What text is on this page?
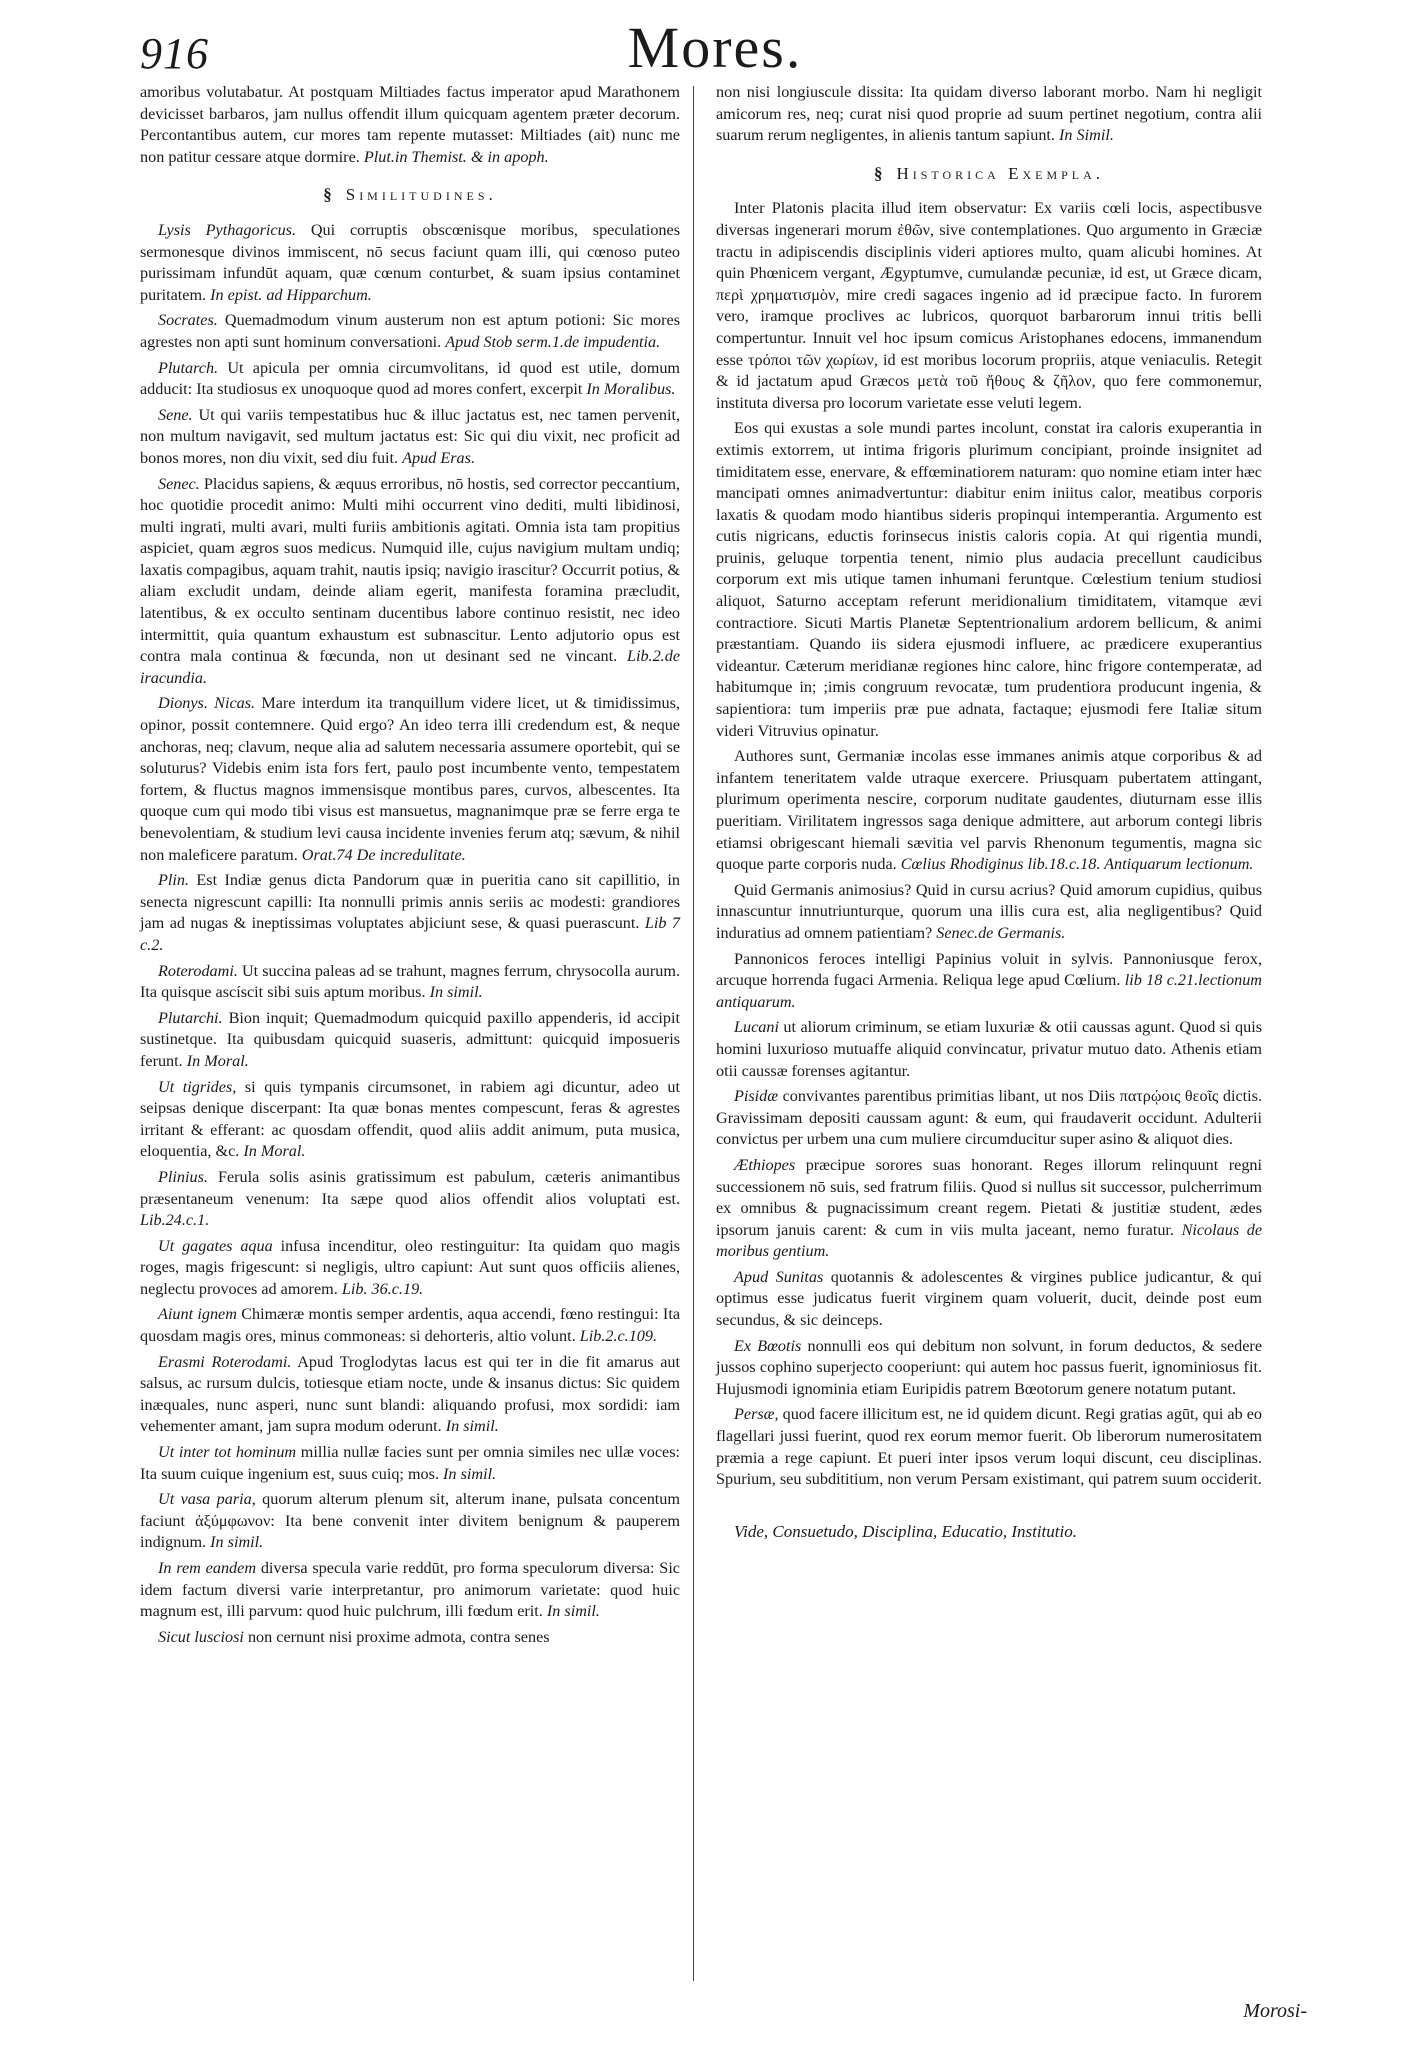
916	Mores.

amoribus volutabatur. At postquam Miltiades factus imperator apud Marathonem devicisset barbaros, jam nullus offendit illum quicquam agentem præter decorum. Percontantibus autem, cur mores tam repente mutasset: Miltiades (ait) nunc me non patitur cessare atque dormire. Plut.in Themist. & in apoph.

§ Similitudines.

Lysis Pythagoricus. Qui corruptis obscœnisque moribus, speculationes sermonesque divinos immiscent, nō secus faciunt quam illi, qui cœnoso puteo purissimam infundūt aquam, quæ cœnum conturbet, & suam ipsius contaminet puritatem. In epist. ad Hipparchum.

Socrates. Quemadmodum vinum austerum non est aptum potioni: Sic mores agrestes non apti sunt hominum conversationi. Apud Stob serm.1.de impudentia.

Plutarch. Ut apicula per omnia circumvolitans, id quod est utile, domum adducit: Ita studiosus ex unoquoque quod ad mores confert, excerpit In Moralibus.

Sene. Ut qui variis tempestatibus huc & illuc jactatus est, nec tamen pervenit, non multum navigavit, sed multum jactatus est: Sic qui diu vixit, nec proficit ad bonos mores, non diu vixit, sed diu fuit. Apud Eras.

Senec. Placidus sapiens, & æquus erroribus, nō hostis, sed corrector peccantium, hoc quotidie procedit animo: Multi mihi occurrent vino dediti, multi libidinosi, multi ingrati, multi avari, multi furiis ambitionis agitati. Omnia ista tam propitius aspiciet, quam ægros suos medicus. Numquid ille, cujus navigium multam undiq; laxatis compagibus, aquam trahit, nautis ipsiq; navigio irascitur? Occurrit potius, & aliam excludit undam, deinde aliam egerit, manifesta foramina præcludit, latentibus, & ex occulto sentinam ducentibus labore continuo resistit, nec ideo intermittit, quia quantum exhaustum est subnascitur. Lento adjutorio opus est contra mala continua & fœcunda, non ut desinant sed ne vincant. Lib.2.de iracundia.

Dionys. Nicas. Mare interdum ita tranquillum videre licet, ut & timidissimus, opinor, possit contemnere. Quid ergo? An ideo terra illi credendum est, & neque anchoras, neq; clavum, neque alia ad salutem necessaria assumere oportebit, qui se soluturus? Videbis enim ista fors fert, paulo post incumbente vento, tempestatem fortem, & fluctus magnos immensisque montibus pares, curvos, albescentes. Ita quoque cum qui modo tibi visus est mansuetus, magnanimque præ se ferre erga te benevolentiam, & studium levi causa incidente invenies ferum atq; sævum, & nihil non maleficere paratum. Orat.74 De incredulitate.

Plin. Est Indiæ genus dicta Pandorum quæ in pueritia cano sit capillitio, in senecta nigrescunt capilli: Ita nonnulli primis annis seriis ac modesti: grandiores jam ad nugas & ineptissimas voluptates abjiciunt sese, & quasi puerascunt. Lib 7 c.2.

Roterodami. Ut succina paleas ad se trahunt, magnes ferrum, chrysocolla aurum. Ita quisque ascíscit sibi suis aptum moribus. In simil.

Plutarchi. Bion inquit; Quemadmodum quicquid paxillo appenderis, id accipit sustinetque. Ita quibusdam quicquid suaseris, admittunt: quicquid imposueris ferunt. In Moral.

Ut tigrides, si quis tympanis circumsonet, in rabiem agi dicuntur, adeo ut seipsas denique discerpant: Ita quæ bonas mentes compescunt, feras & agrestes irritant & efferant: ac quosdam offendit, quod aliis addit animum, puta musica, eloquentia, &c. In Moral.

Plinius. Ferula solis asinis gratissimum est pabulum, cæteris animantibus præsentaneum venenum: Ita sæpe quod alios offendit alios voluptati est. Lib.24.c.1.

Ut gagates aqua infusa incenditur, oleo restinguitur: Ita quidam quo magis roges, magis frigescunt: si negligis, ultro capiunt: Aut sunt quos officiis alienes, neglectu provoces ad amorem. Lib. 36.c.19.

Aiunt ignem Chimæræ montis semper ardentis, aqua accendi, fœno restingui: Ita quosdam magis ores, minus commoneas: si dehorteris, altio volunt. Lib.2.c.109.

Erasmi Roterodami. Apud Troglodytas lacus est qui ter in die fit amarus aut salsus, ac rursum dulcis, totiesque etiam nocte, unde & insanus dictus: Sic quidem inæquales, nunc asperi, nunc sunt blandi: aliquando profusi, mox sordidi: iam vehementer amant, jam supra modum oderunt. In simil.

Ut inter tot hominum millia nullæ facies sunt per omnia similes nec ullæ voces: Ita suum cuique ingenium est, suus cuiq; mos. In simil.

Ut vasa paria, quorum alterum plenum sit, alterum inane, pulsata concentum faciunt ἀξύμφωνον: Ita bene convenit inter divitem benignum & pauperem indignum. In simil.

In rem eandem diversa specula varie reddūt, pro forma speculorum diversa: Sic idem factum diversi varie interpretantur, pro animorum varietate: quod huic magnum est, illi parvum: quod huic pulchrum, illi fœdum erit. In simil.

Sicut lusciosi non cernunt nisi proxime admota, contra senes

non nisi longiuscule dissita: Ita quidam diverso laborant morbo. Nam hi negligit amicorum res, neq; curat nisi quod proprie ad suum pertinet negotium, contra alii suarum rerum negligentes, in alienis tantum sapiunt. In Simil.

§ Historica Exempla.

Inter Platonis placita illud item observatur: Ex variis cœli locis, aspectibusve diversas ingenerari morum ἐθῶν, sive contemplationes. Quo argumento in Græciæ tractu in adipiscendis disciplinis videri aptiores multo, quam alicubi homines. At quin Phœnicem vergant, Ægyptumve, cumulandæ pecuniæ, id est, ut Græce dicam, περὶ χρηματισμὸν, mire credi sagaces ingenio ad id præcipue facto. In furorem vero, iramque proclives ac lubricos, quorquot barbarorum innui tritis belli compertuntur. Innuit vel hoc ipsum comicus Aristophanes edocens, immanendum esse τρόποι τῶν χωρίων, id est moribus locorum propriis, atque veniaculis. Retegit & id jactatum apud Græcos μετὰ τοῦ ἤθους & ζῆλον, quo fere commonemur, instituta diversa pro locorum varietate esse veluti legem.

Eos qui exustas a sole mundi partes incolunt, constat ira caloris exuperantia in extimis extorrem, ut intima frigoris plurimum concipiant, proinde insignitet ad timiditatem esse, enervare, & effœminatiorem naturam: quo nomine etiam inter hæc mancipati omnes animadvertuntur: diabitur enim iniitus calor, meatibus corporis laxatis & quodam modo hiantibus sideris propinqui intemperantia. Argumento est cutis nigricans, eductis forinsecus inistis caloris copia. At qui rigentia mundi, pruinis, geluque torpentia tenent, nimio plus audacia precellunt caudicibus corporum ext mis utique tamen inhumani feruntque. Cœlestium tenium studiosi aliquot, Saturno acceptam referunt meridionalium timiditatem, vitamque ævi contractiore. Sicuti Martis Planetæ Septentrionalium ardorem bellicum, & animi præstantiam. Quando iis sidera ejusmodi influere, ac prædicere exuperantius videantur. Cæterum meridianæ regiones hinc calore, hinc frigore contemperatæ, ad habitumque in; ;imis congruum revocatæ, tum prudentiora producunt ingenia, & sapientiora: tum imperiis præ pue adnata, factaque; ejusmodi fere Italiæ situm videri Vitruvius opinatur.

Authores sunt, Germaniæ incolas esse immanes animis atque corporibus & ad infantem teneritatem valde utraque exercere. Priusquam pubertatem attingant, plurimum operimenta nescire, corporum nuditate gaudentes, diuturnam esse illis pueritiam. Virilitatem ingressos saga denique admittere, aut arborum contegi libris etiamsi obrigescant hiemali sævitia vel parvis Rhenonum tegumentis, magna sic quoque parte corporis nuda. Cœlius Rhodiginus lib.18.c.18. Antiquarum lectionum.

Quid Germanis animosius? Quid in cursu acrius? Quid amorum cupidius, quibus innascuntur innutriunturque, quorum una illis cura est, alia negligentibus? Quid induratius ad omnem patientiam? Senec.de Germanis.

Pannonicos feroces intelligi Papinius voluit in sylvis. Pannoniusque ferox, arcuque horrenda fugaci Armenia. Reliqua lege apud Cœlium. lib 18 c.21.lectionum antiquarum.

Lucani ut aliorum criminum, se etiam luxuriæ & otii caussas agunt. Quod si quis homini luxurioso mutuaffe aliquid convincatur, privatur mutuo dato. Athenis etiam otii caussæ forenses agitantur.

Pisidæ convivantes parentibus primitias libant, ut nos Diis πατρῴοις θεοῖς dictis. Gravissimam depositi caussam agunt: & eum, qui fraudaverit occidunt. Adulterii convictus per urbem una cum muliere circumducitur super asino & aliquot dies.

Æthiopes præcipue sorores suas honorant. Reges illorum relinquunt regni successionem nō suis, sed fratrum filiis. Quod si nullus sit successor, pulcherrimum ex omnibus & pugnacissimum creant regem. Pietati & justitiæ student, ædes ipsorum januis carent: & cum in viis multa jaceant, nemo furatur. Nicolaus de moribus gentium.

Apud Sunitas quotannis & adolescentes & virgines publice judicantur, & qui optimus esse judicatus fuerit virginem quam voluerit, ducit, deinde post eum secundus, & sic deinceps.

Ex Bœotis nonnulli eos qui debitum non solvunt, in forum deductos, & sedere jussos cophino superjecto cooperiunt: qui autem hoc passus fuerit, ignominiosus fit. Hujusmodi ignominia etiam Euripidis patrem Bœotorum genere notatum putant.

Persæ, quod facere illicitum est, ne id quidem dicunt. Regi gratias agūt, qui ab eo flagellari jussi fuerint, quod rex eorum memor fuerit. Ob liberorum numerositatem præmia a rege capiunt. Et pueri inter ipsos verum loqui discunt, ceu disciplinas. Spurium, seu subdititium, non verum Persam existimant, qui patrem suum occiderit.

Vide, Consuetudo, Disciplina, Educatio, Institutio.

Morosi-
